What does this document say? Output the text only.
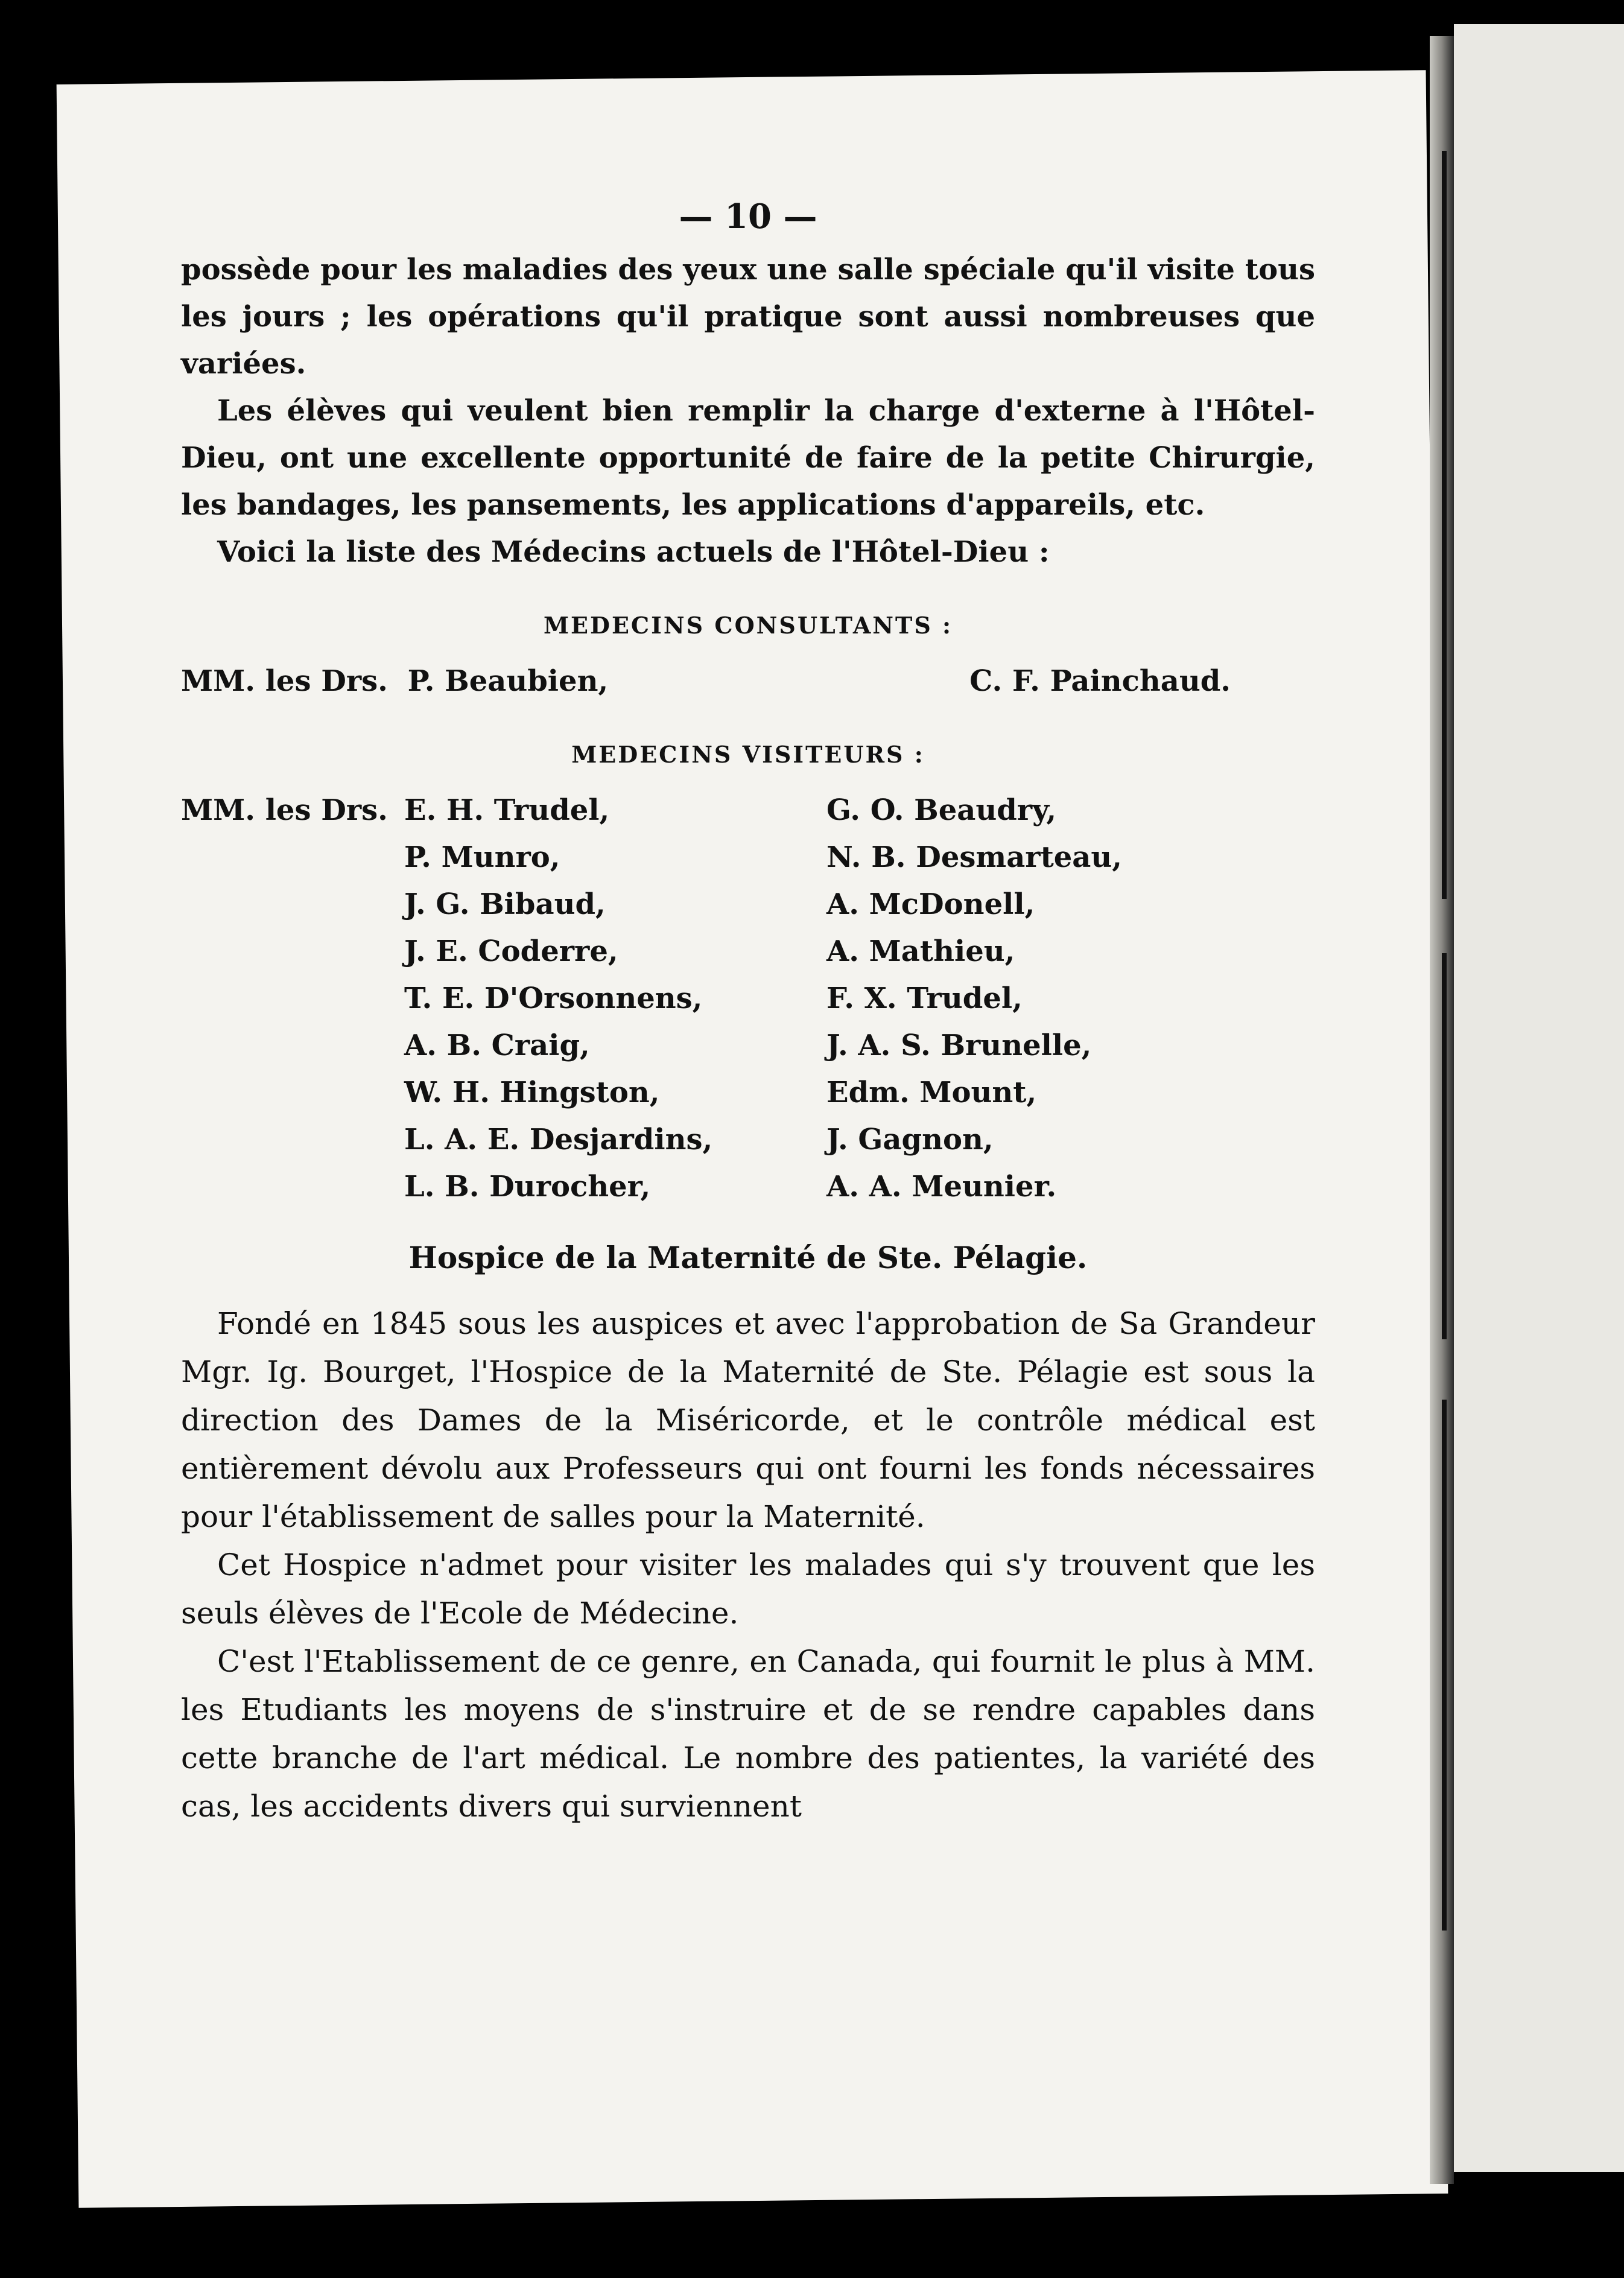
— 10 —

possède pour les maladies des yeux une salle spéciale qu'il visite tous les jours ; les opérations qu'il pratique sont aussi nombreuses que variées.

Les élèves qui veulent bien remplir la charge d'externe à l'Hôtel-Dieu, ont une excellente opportunité de faire de la petite Chirurgie, les bandages, les pansements, les applications d'appareils, etc.

Voici la liste des Médecins actuels de l'Hôtel-Dieu :

MEDECINS CONSULTANTS :
MM. les Drs. P. Beaubien,	C. F. Painchaud.
MEDECINS VISITEURS :
MM. les Drs. E. H. Trudel,
P. Munro,
J. G. Bibaud,
J. E. Coderre,
T. E. D'Orsonnens,
A. B. Craig,
W. H. Hingston,
L. A. E. Desjardins,
L. B. Durocher,
G. O. Beaudry,
N. B. Desmarteau,
A. McDonell,
A. Mathieu,
F. X. Trudel,
J. A. S. Brunelle,
Edm. Mount,
J. Gagnon,
A. A. Meunier.
Hospice de la Maternité de Ste. Pélagie.

Fondé en 1845 sous les auspices et avec l'approbation de Sa Grandeur Mgr. Ig. Bourget, l'Hospice de la Maternité de Ste. Pélagie est sous la direction des Dames de la Miséricorde, et le contrôle médical est entièrement dévolu aux Professeurs qui ont fourni les fonds nécessaires pour l'établissement de salles pour la Maternité.

Cet Hospice n'admet pour visiter les malades qui s'y trouvent que les seuls élèves de l'Ecole de Médecine.

C'est l'Etablissement de ce genre, en Canada, qui fournit le plus à MM. les Etudiants les moyens de s'instruire et de se rendre capables dans cette branche de l'art médical. Le nombre des patientes, la variété des cas, les accidents divers qui surviennent
